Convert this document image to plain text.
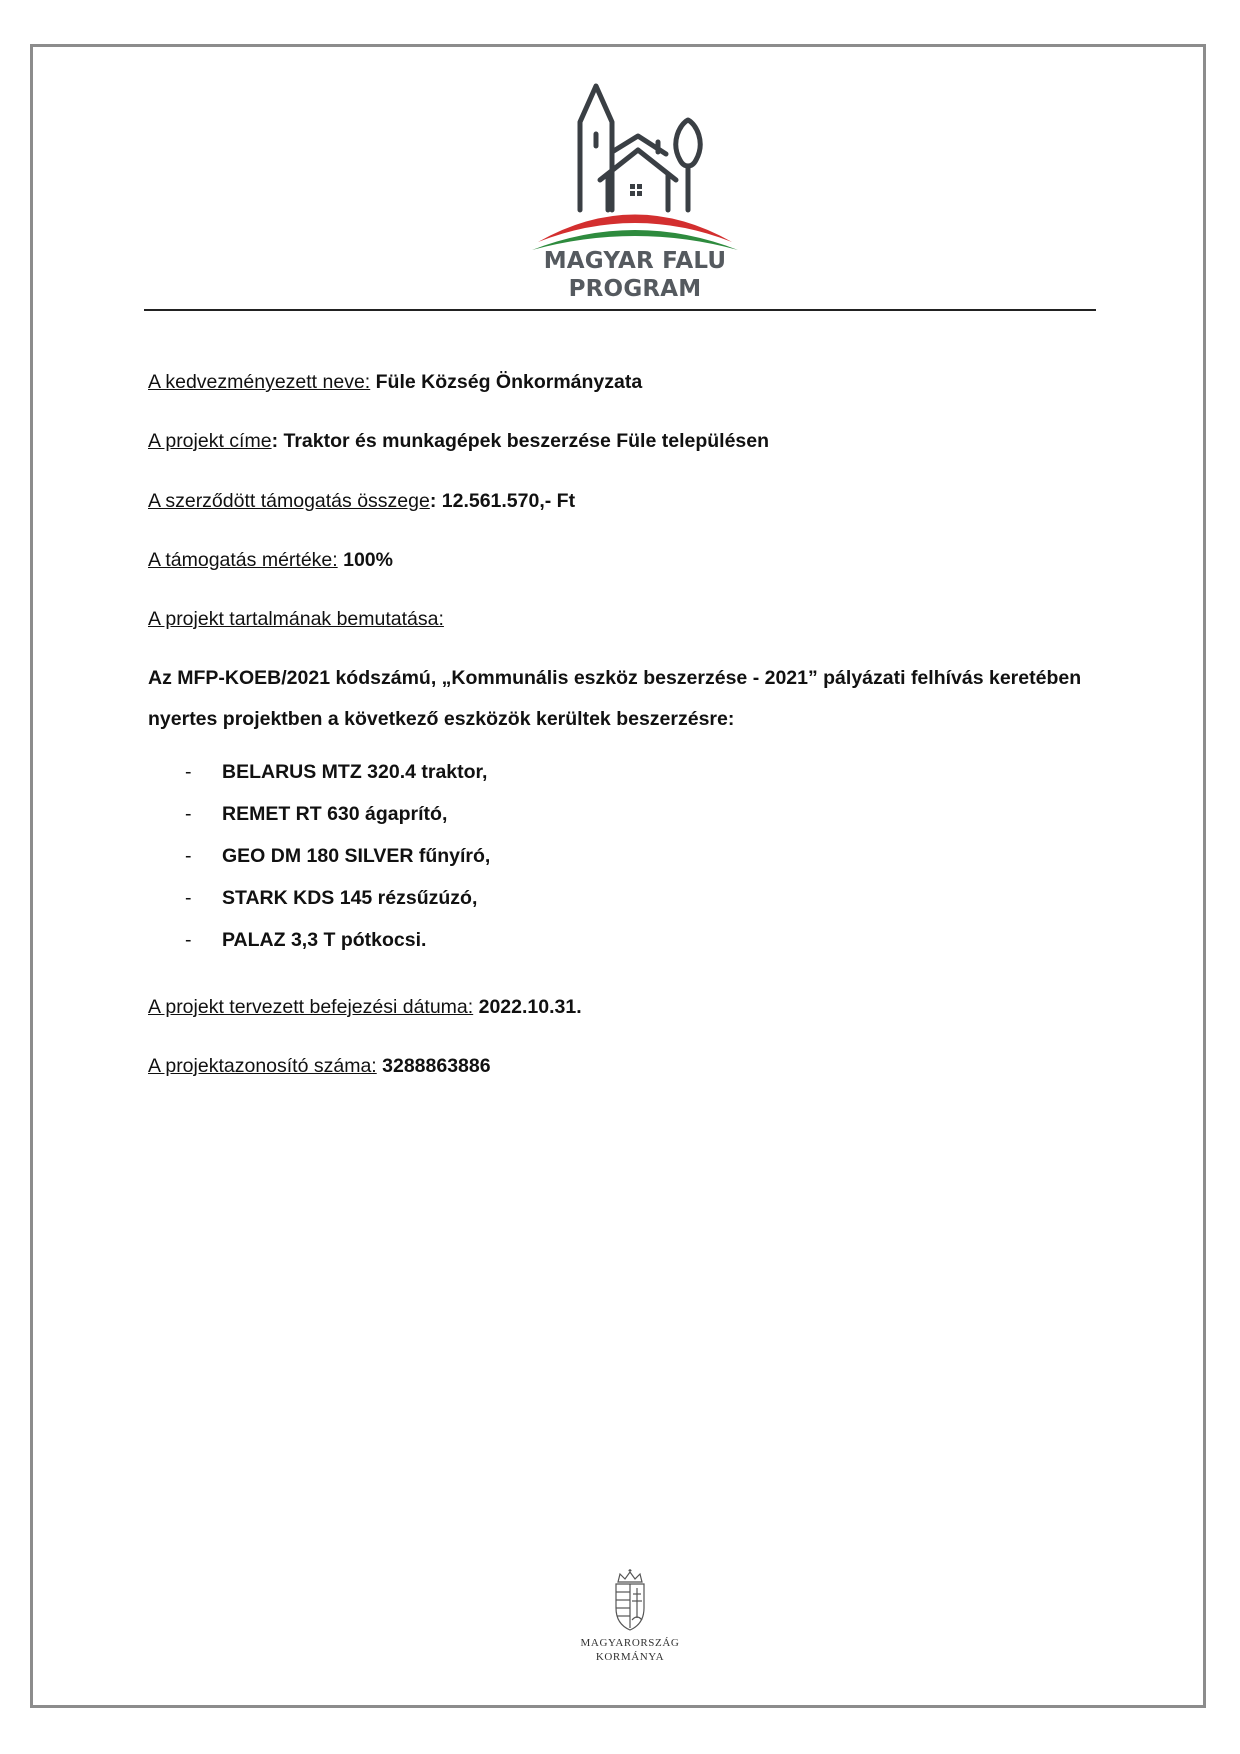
MAGYAR FALU
PROGRAM
A kedvezményezett neve: Füle Község Önkormányzata
A projekt címe: Traktor és munkagépek beszerzése Füle településen
A szerződött támogatás összege: 12.561.570,- Ft
A támogatás mértéke: 100%
A projekt tartalmának bemutatása:
Az MFP-KOEB/2021 kódszámú, „Kommunális eszköz beszerzése - 2021” pályázati felhívás keretében
nyertes projektben a következő eszközök kerültek beszerzésre:
- BELARUS MTZ 320.4 traktor,
- REMET RT 630 ágaprító,
- GEO DM 180 SILVER fűnyíró,
- STARK KDS 145 rézsűzúzó,
- PALAZ 3,3 T pótkocsi.
A projekt tervezett befejezési dátuma: 2022.10.31.
A projektazonosító száma: 3288863886
MAGYARORSZÁG
KORMÁNYA
